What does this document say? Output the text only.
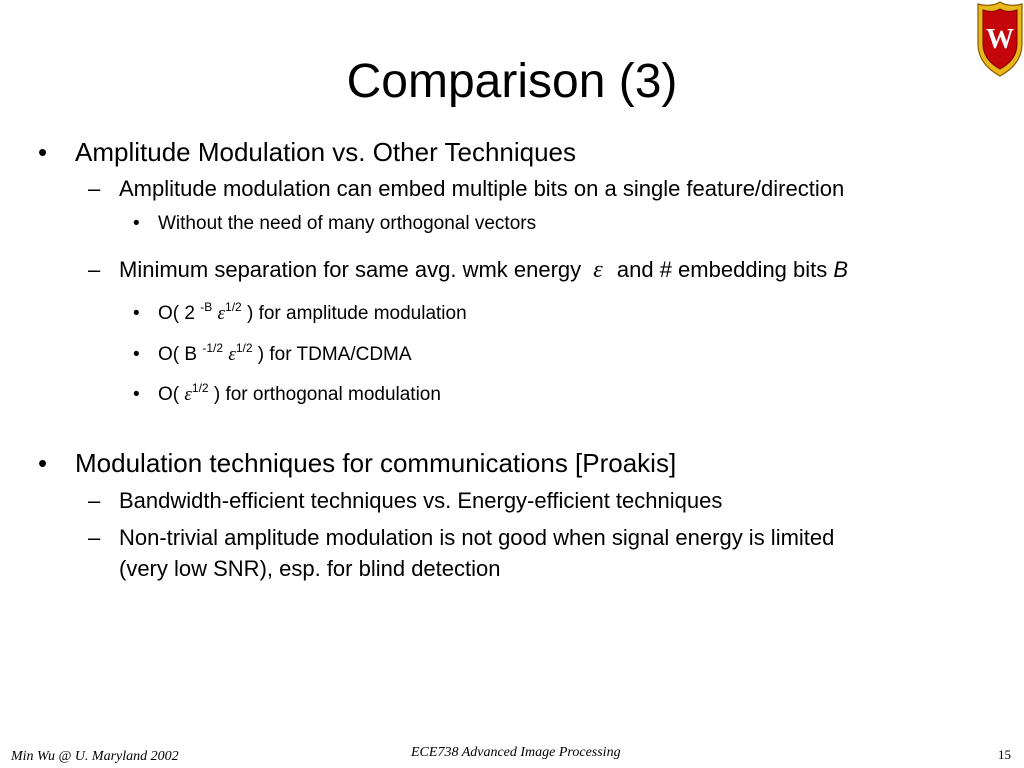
Comparison (3)
W
• Amplitude Modulation vs. Other Techniques
– Amplitude modulation can embed multiple bits on a single feature/direction
• Without the need of many orthogonal vectors
– Minimum separation for same avg. wmk energy ε and # embedding bits B
• O( 2 $^{-B}$ $\varepsilon^{1/2}$ ) for amplitude modulation
• O( B $^{-1/2}$ $\varepsilon^{1/2}$ ) for TDMA/CDMA
• O( $\varepsilon^{1/2}$ ) for orthogonal modulation
• Modulation techniques for communications [Proakis]
– Bandwidth-efficient techniques vs. Energy-efficient techniques
– Non-trivial amplitude modulation is not good when signal energy is limited
(very low SNR), esp. for blind detection
Min Wu @ U. Maryland 2002	ECE738 Advanced Image Processing	15
